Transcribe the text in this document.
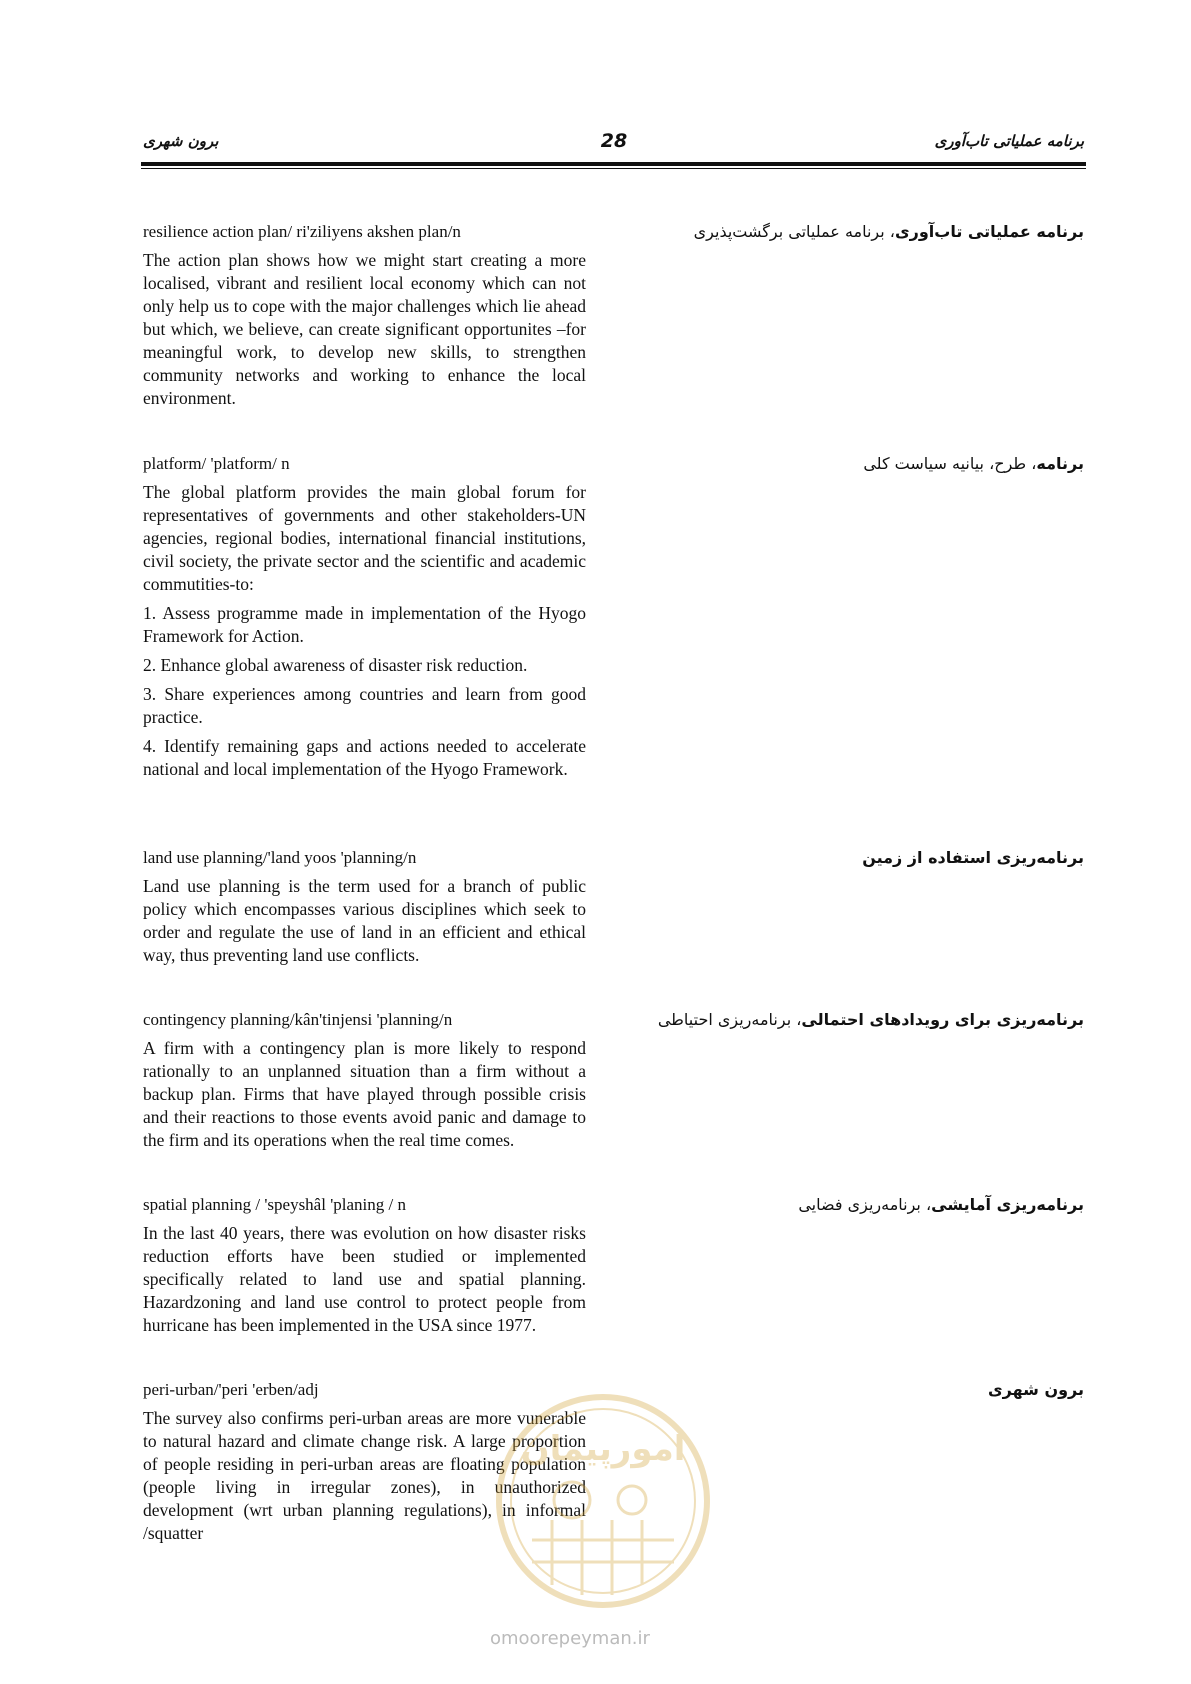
برون شهری	28	برنامه عملیاتی تاب‌آوری

resilience action plan/ ri'ziliyens akshen plan/n

The action plan shows how we might start creating a more localised, vibrant and resilient local economy which can not only help us to cope with the major challenges which lie ahead but which, we believe, can create significant opportunites –for meaningful work, to develop new skills, to strengthen community networks and working to enhance the local environment.

برنامه عملیاتی تاب‌آوری، برنامه عملیاتی برگشت‌پذیری

platform/ 'platform/ n

The global platform provides the main global forum for representatives of governments and other stakeholders-UN agencies, regional bodies, international financial institutions, civil society, the private sector and the scientific and academic commutities-to:

1. Assess programme made in implementation of the Hyogo Framework for Action.

2. Enhance global awareness of disaster risk reduction.

3. Share experiences among countries and learn from good practice.

4. Identify remaining gaps and actions needed to accelerate national and local implementation of the Hyogo Framework.

برنامه، طرح، بیانیه سیاست کلی

land use planning/'land yoos 'planning/n

Land use planning is the term used for a branch of public policy which encompasses various disciplines which seek to order and regulate the use of land in an efficient and ethical way, thus preventing land use conflicts.

برنامه‌ریزی استفاده از زمین

contingency planning/kân'tinjensi 'planning/n

A firm with a contingency plan is more likely to respond rationally to an unplanned situation than a firm without a backup plan. Firms that have played through possible crisis and their reactions to those events avoid panic and damage to the firm and its operations when the real time comes.

برنامه‌ریزی برای رویدادهای احتمالی، برنامه‌ریزی احتیاطی

spatial planning / 'speyshâl 'planing / n

In the last 40 years, there was evolution on how disaster risks reduction efforts have been studied or implemented specifically related to land use and spatial planning. Hazardzoning and land use control to protect people from hurricane has been implemented in the USA since 1977.

برنامه‌ریزی آمایشی، برنامه‌ریزی فضایی

peri-urban/'peri 'erben/adj

The survey also confirms peri-urban areas are more vunerable to natural hazard and climate change risk. A large proportion of people residing in peri-urban areas are floating population (people living in irregular zones), in unauthorized development (wrt urban planning regulations), in informal /squatter

برون شهری
امورپیمان
omoorepeyman.ir
